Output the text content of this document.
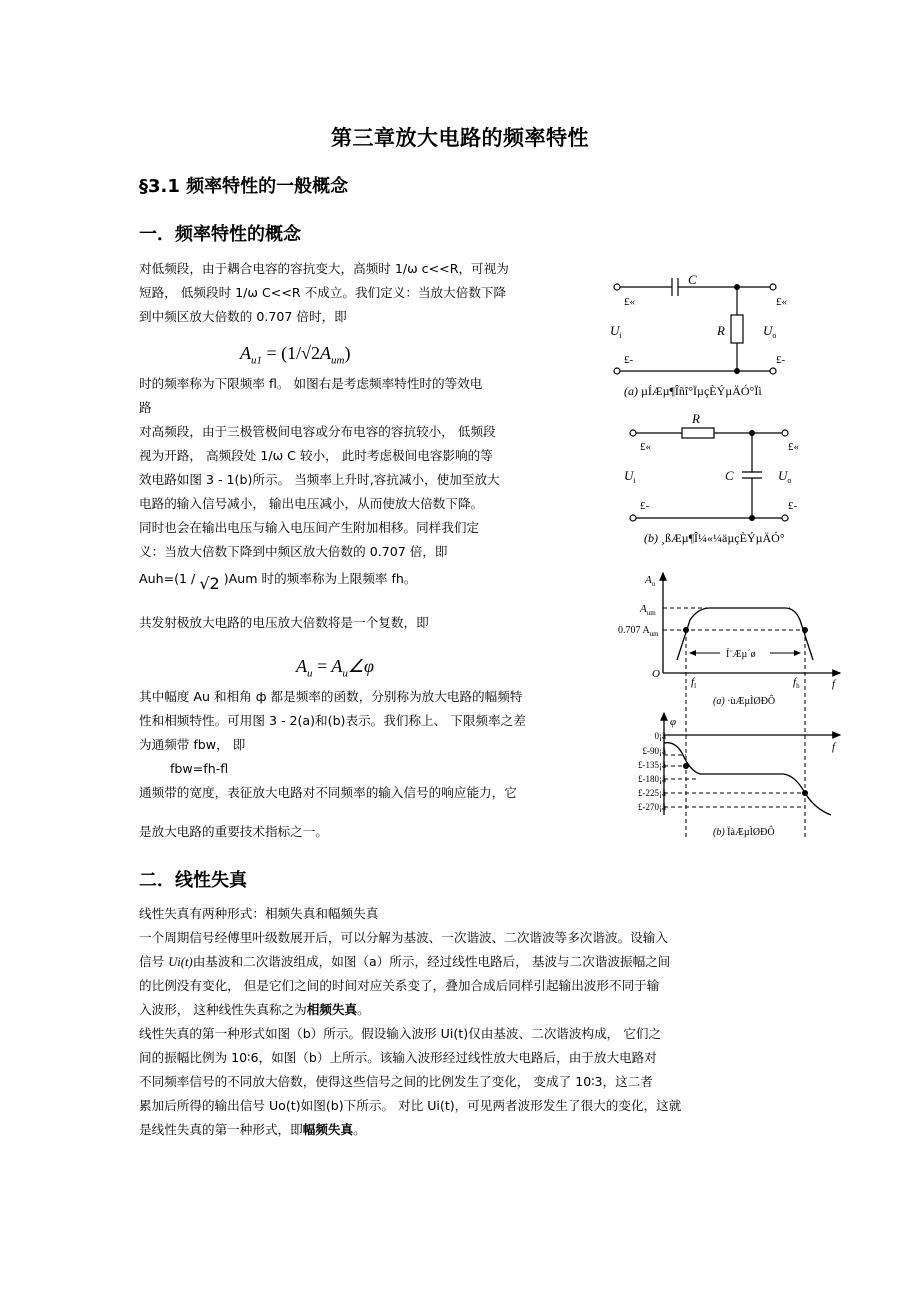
第三章放大电路的频率特性
§3.1 频率特性的一般概念
一．频率特性的概念
对低频段，由于耦合电容的容抗变大，高频时 1/ω c<<R，可视为
短路， 低频段时 1/ω C<<R 不成立。我们定义：当放大倍数下降
到中频区放大倍数的 0.707 倍时，即
$A_{u1} = (1/√2A_{um})$
时的频率称为下限频率 fl。 如图右是考虑频率特性时的等效电
路
对高频段，由于三极管极间电容或分布电容的容抗较小， 低频段
视为开路， 高频段处 1/ω C 较小， 此时考虑极间电容影响的等
效电路如图 3 - 1(b)所示。 当频率上升时,容抗减小，使加至放大
电路的输入信号减小， 输出电压减小，从而使放大倍数下降。
同时也会在输出电压与输入电压间产生附加相移。同样我们定
义：当放大倍数下降到中频区放大倍数的 0.707 倍，即
Auh=(1 / √2 )Aum 时的频率称为上限频率 fh。
共发射极放大电路的电压放大倍数将是一个复数，即
$A_u$ = $A_u\angle\varphi$
其中幅度 Au 和相角 ф 都是频率的函数，分别称为放大电路的幅频特
性和相频特性。可用图 3 - 2(a)和(b)表示。我们称上、 下限频率之差
为通频带 fbw， 即
fbw=fh-fl
通频带的宽度，表征放大电路对不同频率的输入信号的响应能力，它
是放大电路的重要技术指标之一。
C
£«	£«
$U_i$	R	$U_o$
£-	£-
(a) µÍÆµ¶Îñî°ÏµçÈÝµÄÓ°Ïì
R
£«	£«
$U_i$	C	$U_o$
£-	£-
(b) ¸ßÆµ¶Î¼«¼äµçÈÝµÄÓ°
Í¨Æµ´ø
$A_u$
$A_{um}$
0.707 $A_{um}$
O
f
$f_l$	$f_h$
(a) ·ùÆµÌØÐÔ
φ
f
0¡ã
£-90¡ã
£-135¡ã
£-180¡ã
£-225¡ã
£-270¡ã
(b) ÏàÆµÌØÐÔ
二．线性失真
线性失真有两种形式：相频失真和幅频失真
一个周期信号经傅里叶级数展开后，可以分解为基波、一次谐波、二次谐波等多次谐波。设输入
信号 Ui(t)由基波和二次谐波组成，如图（a）所示，经过线性电路后， 基波与二次谐波振幅之间
的比例没有变化， 但是它们之间的时间对应关系变了，叠加合成后同样引起输出波形不同于输
入波形， 这种线性失真称之为相频失真。
线性失真的第一种形式如图（b）所示。假设输入波形 Ui(t)仅由基波、二次谐波构成， 它们之
间的振幅比例为 10∶6，如图（b）上所示。该输入波形经过线性放大电路后，由于放大电路对
不同频率信号的不同放大倍数，使得这些信号之间的比例发生了变化， 变成了 10∶3，这二者
累加后所得的输出信号 Uo(t)如图(b)下所示。 对比 Ui(t)，可见两者波形发生了很大的变化，这就
是线性失真的第一种形式，即幅频失真。
